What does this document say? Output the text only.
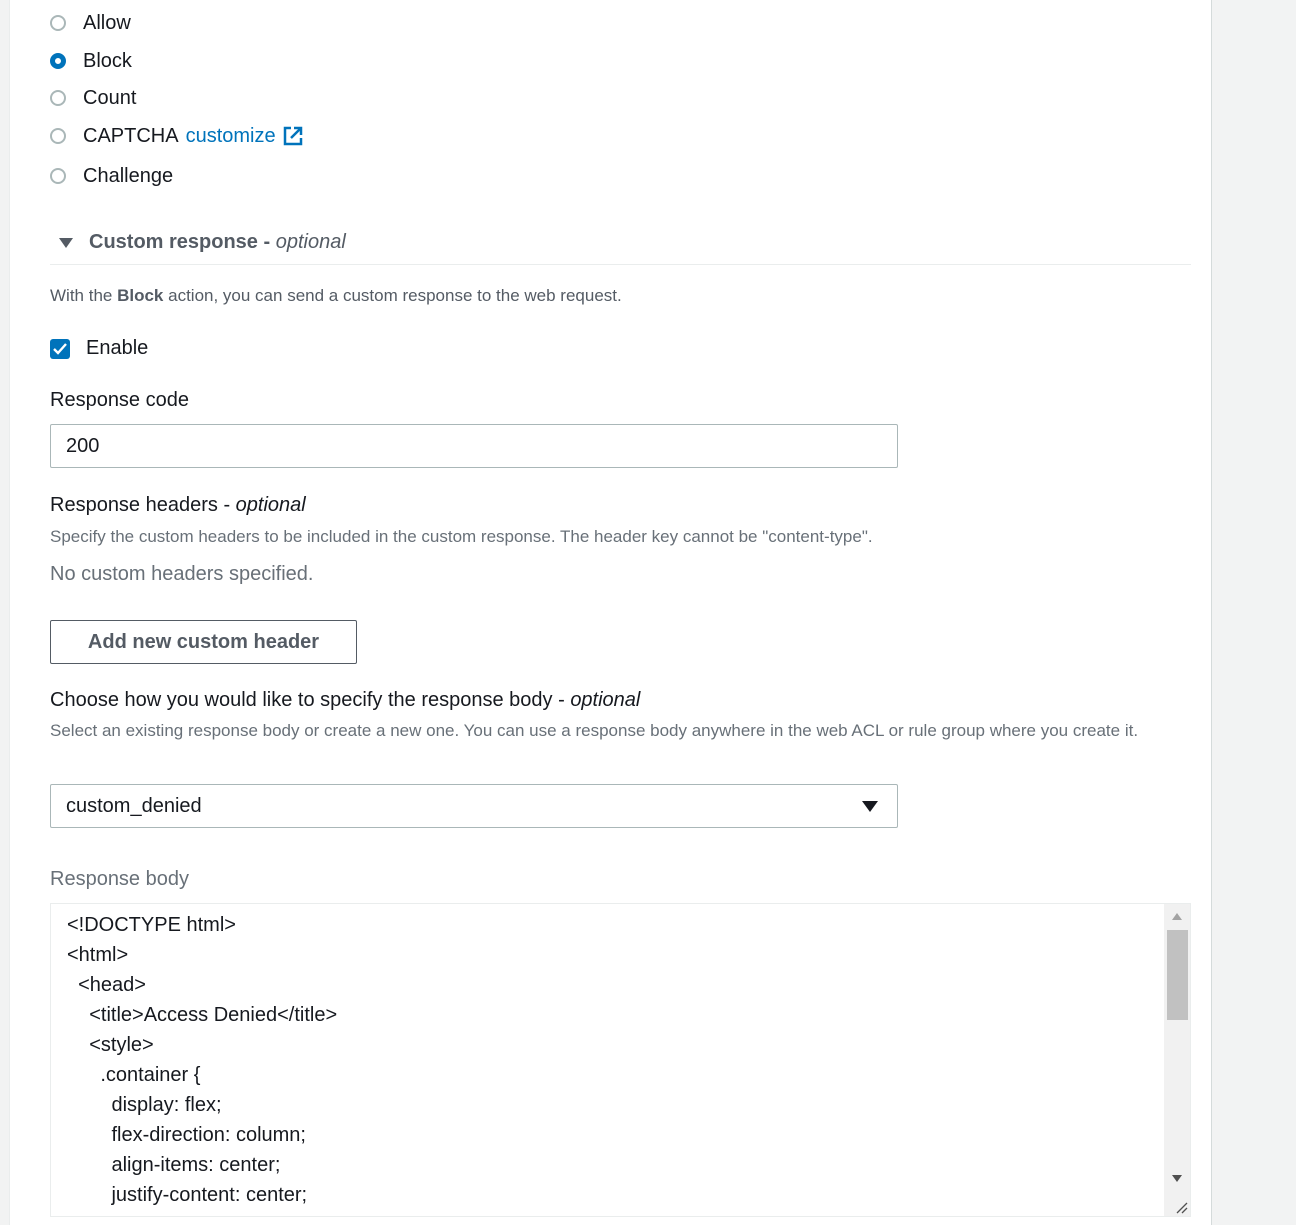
Allow
Block
Count
CAPTCHA customize
Challenge
Custom response - optional
With the Block action, you can send a custom response to the web request.
Enable
Response code
200
Response headers - optional
Specify the custom headers to be included in the custom response. The header key cannot be "content-type".
No custom headers specified.
Add new custom header
Choose how you would like to specify the response body - optional
Select an existing response body or create a new one. You can use a response body anywhere in the web ACL or rule group where you create it.
custom_denied
Response body
<!DOCTYPE html>
<html>
<head>
<title>Access Denied</title>
<style>
.container {
display: flex;
flex-direction: column;
align-items: center;
justify-content: center;
